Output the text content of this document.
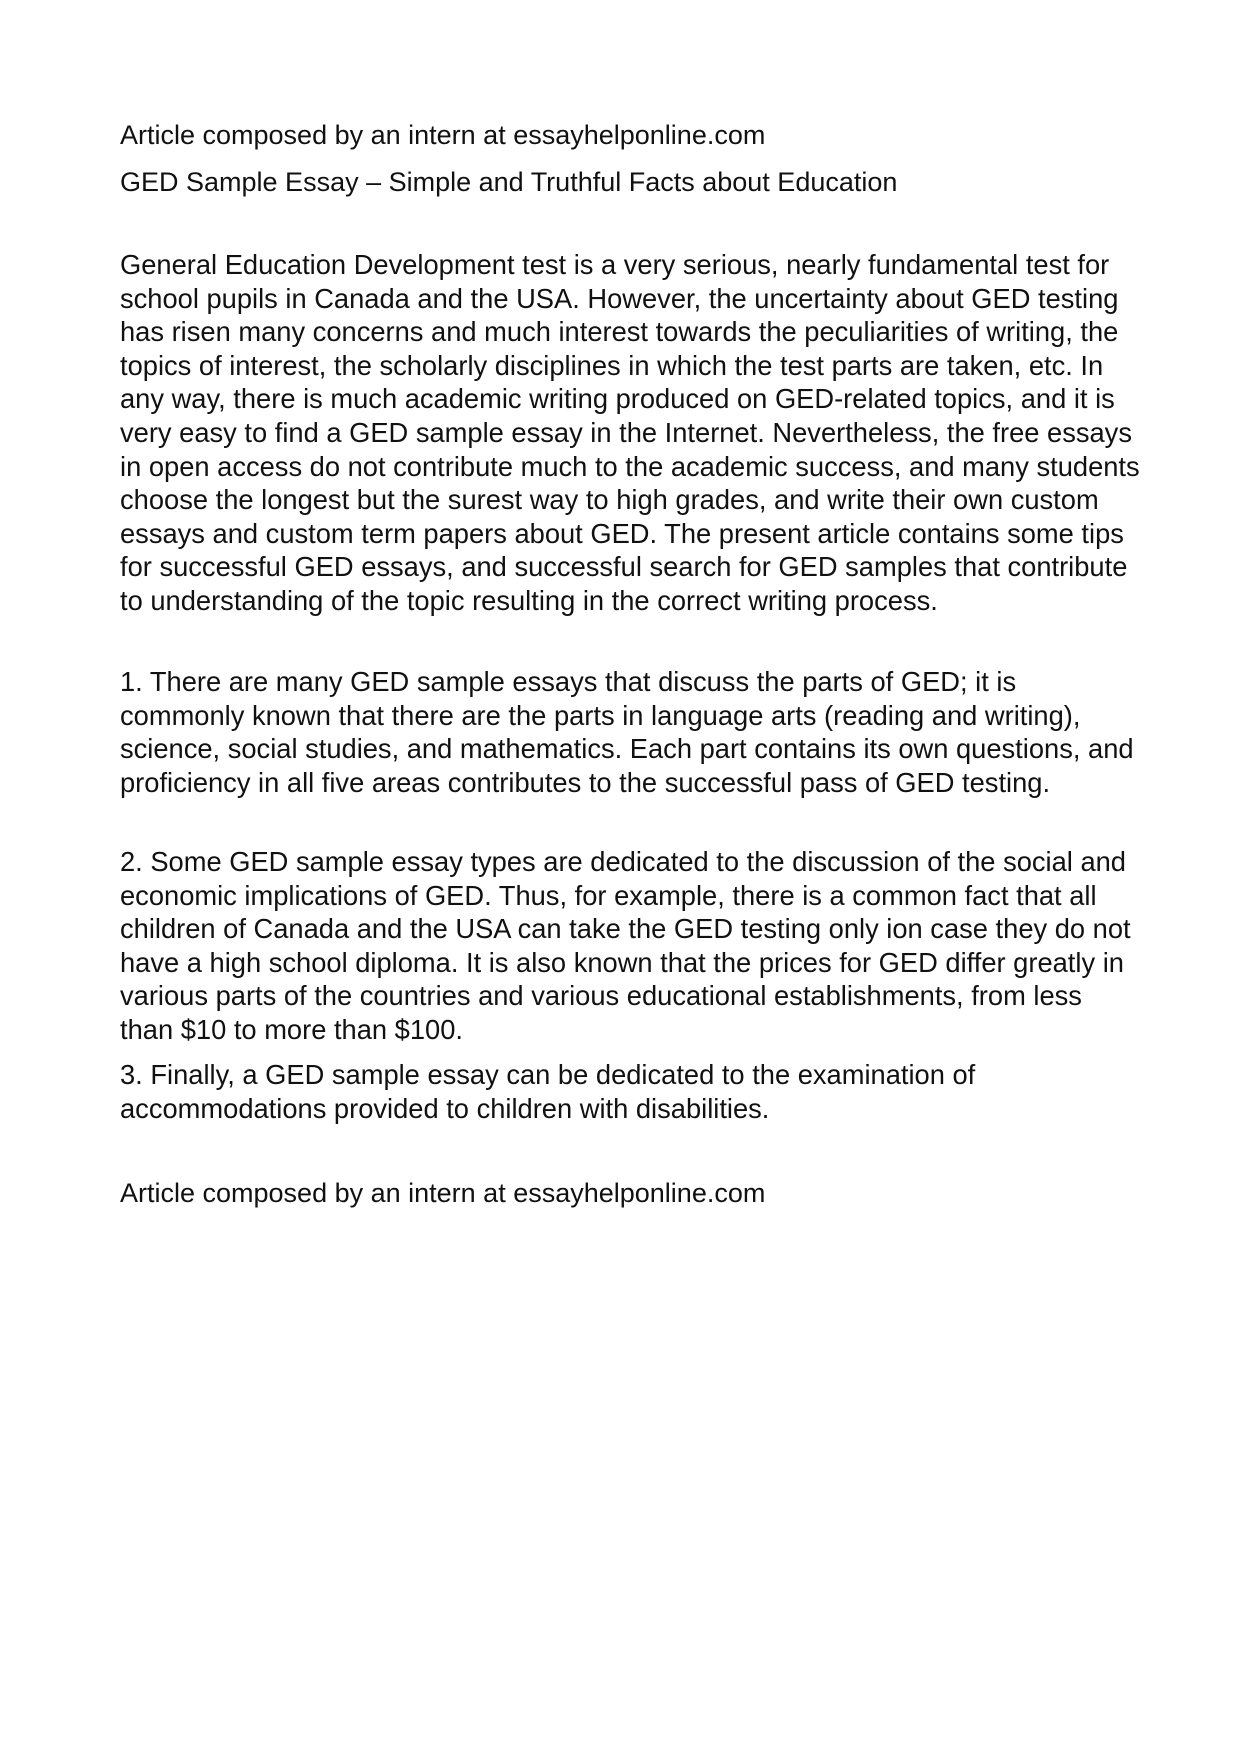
Article composed by an intern at essayhelponline.com
GED Sample Essay – Simple and Truthful Facts about Education

General Education Development test is a very serious, nearly fundamental test for school pupils in Canada and the USA. However, the uncertainty about GED testing has risen many concerns and much interest towards the peculiarities of writing, the topics of interest, the scholarly disciplines in which the test parts are taken, etc. In any way, there is much academic writing produced on GED-related topics, and it is very easy to find a GED sample essay in the Internet. Nevertheless, the free essays in open access do not contribute much to the academic success, and many students choose the longest but the surest way to high grades, and write their own custom essays and custom term papers about GED. The present article contains some tips for successful GED essays, and successful search for GED samples that contribute to understanding of the topic resulting in the correct writing process.

1. There are many GED sample essays that discuss the parts of GED; it is commonly known that there are the parts in language arts (reading and writing), science, social studies, and mathematics. Each part contains its own questions, and proficiency in all five areas contributes to the successful pass of GED testing.

2. Some GED sample essay types are dedicated to the discussion of the social and economic implications of GED. Thus, for example, there is a common fact that all children of Canada and the USA can take the GED testing only ion case they do not have a high school diploma. It is also known that the prices for GED differ greatly in various parts of the countries and various educational establishments, from less than $10 to more than $100.

3. Finally, a GED sample essay can be dedicated to the examination of accommodations provided to children with disabilities.

Article composed by an intern at essayhelponline.com
